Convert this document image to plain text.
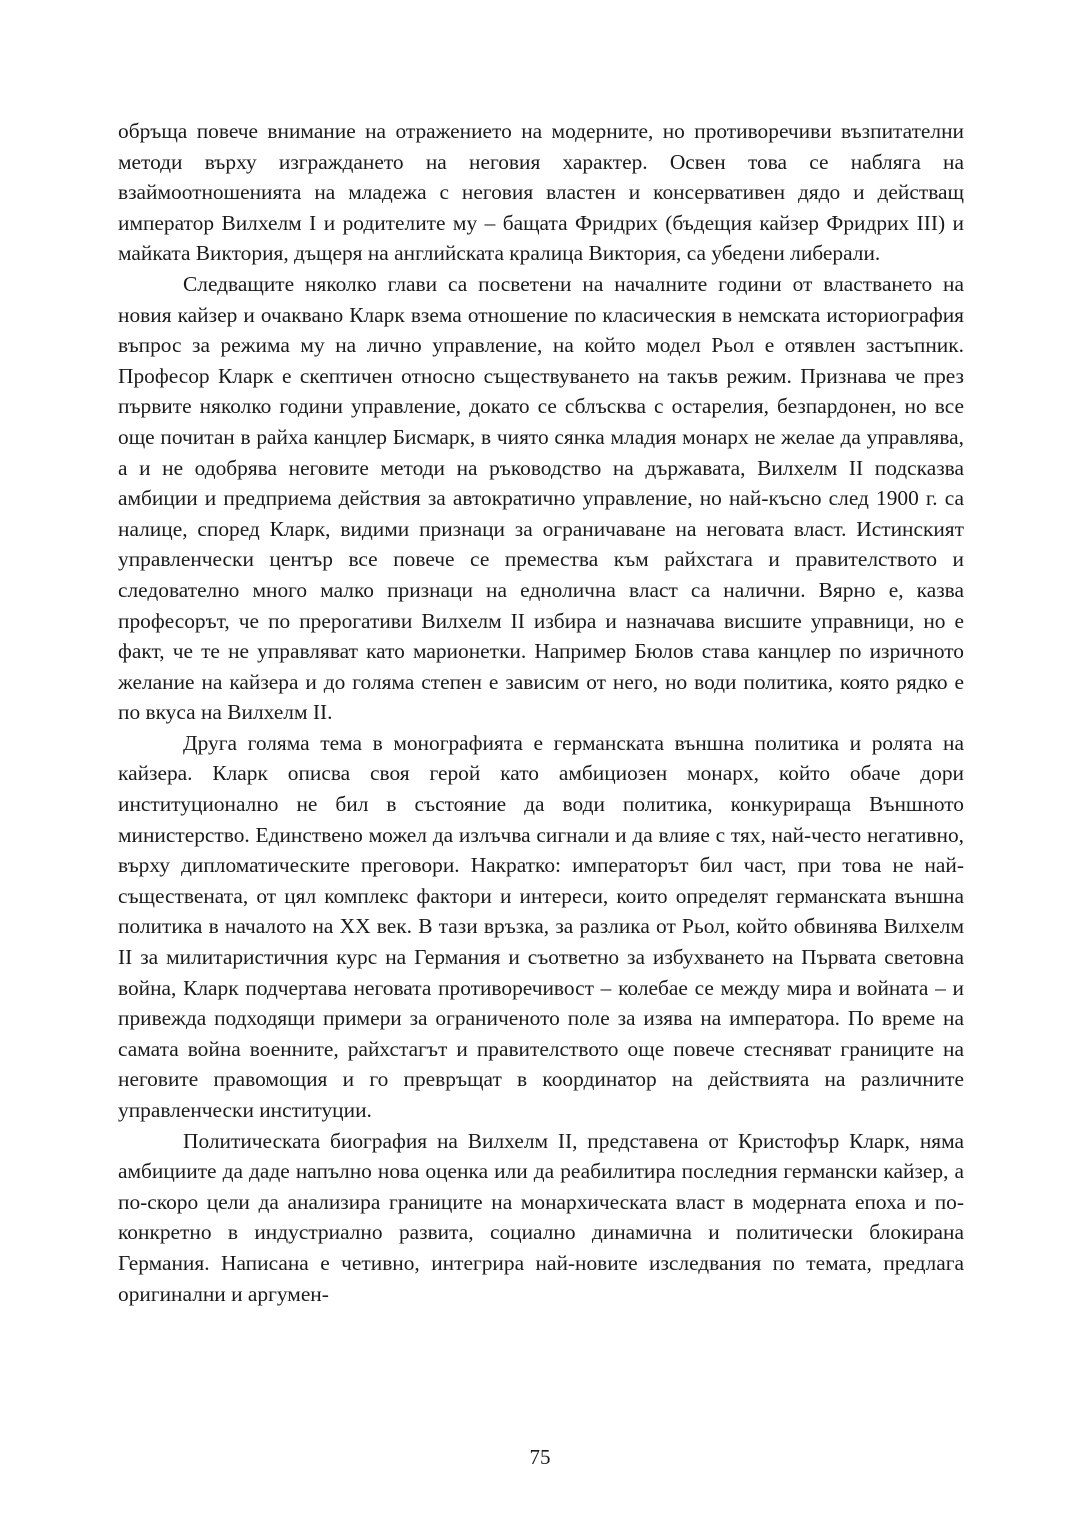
обръща повече внимание на отражението на модерните, но противоречиви възпитателни методи върху изграждането на неговия характер. Освен това се набляга на взаймоотношенията на младежа с неговия властен и консервативен дядо и действащ император Вилхелм I и родителите му – бащата Фридрих (бъдещия кайзер Фридрих III) и майката Виктория, дъщеря на английската кралица Виктория, са убедени либерали.

Следващите няколко глави са посветени на началните години от властването на новия кайзер и очаквано Кларк взема отношение по класическия в немската историография въпрос за режима му на лично управление, на който модел Рьол е отявлен застъпник. Професор Кларк е скептичен относно съществуването на такъв режим. Признава че през първите няколко години управление, докато се сблъсква с остарелия, безпардонен, но все още почитан в райха канцлер Бисмарк, в чиято сянка младия монарх не желае да управлява, а и не одобрява неговите методи на ръководство на държавата, Вилхелм II подсказва амбиции и предприема действия за автократично управление, но най-късно след 1900 г. са налице, според Кларк, видими признаци за ограничаване на неговата власт. Истинският управленчески център все повече се премества към райхстага и правителството и следователно много малко признаци на еднолична власт са налични. Вярно е, казва професорът, че по прерогативи Вилхелм II избира и назначава висшите управници, но е факт, че те не управляват като марионетки. Например Бюлов става канцлер по изричното желание на кайзера и до голяма степен е зависим от него, но води политика, която рядко е по вкуса на Вилхелм II.

Друга голяма тема в монографията е германската външна политика и ролята на кайзера. Кларк описва своя герой като амбициозен монарх, който обаче дори институционално не бил в състояние да води политика, конкурираща Външното министерство. Единствено можел да излъчва сигнали и да влияе с тях, най-често негативно, върху дипломатическите преговори. Накратко: императорът бил част, при това не най-съществената, от цял комплекс фактори и интереси, които определят германската външна политика в началото на XX век. В тази връзка, за разлика от Рьол, който обвинява Вилхелм II за милитаристичния курс на Германия и съответно за избухването на Първата световна война, Кларк подчертава неговата противоречивост – колебае се между мира и войната – и привежда подходящи примери за ограниченото поле за изява на императора. По време на самата война военните, райхстагът и правителството още повече стесняват границите на неговите правомощия и го превръщат в координатор на действията на различните управленчески институции.

Политическата биография на Вилхелм II, представена от Кристофър Кларк, няма амбициите да даде напълно нова оценка или да реабилитира последния германски кайзер, а по-скоро цели да анализира границите на монархическата власт в модерната епоха и по-конкретно в индустриално развита, социално динамична и политически блокирана Германия. Написана е четивно, интегрира най-новите изследвания по темата, предлага оригинални и аргумен-

75
